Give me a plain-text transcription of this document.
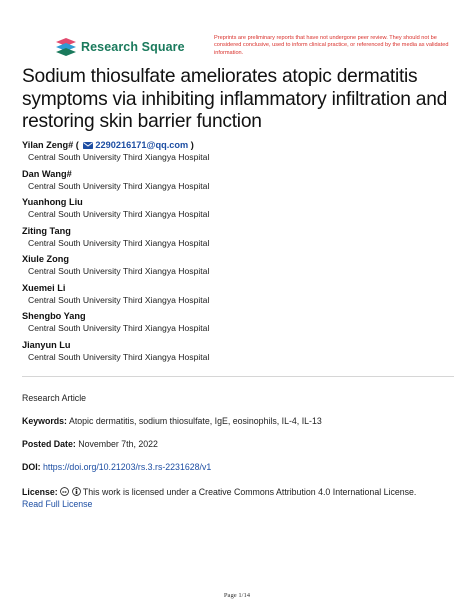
Research Square
Preprints are preliminary reports that have not undergone peer review. They should not be considered conclusive, used to inform clinical practice, or referenced by the media as validated information.
Sodium thiosulfate ameliorates atopic dermatitis symptoms via inhibiting inflammatory infiltration and restoring skin barrier function
Yilan Zeng# ( 2290216171@qq.com )
Central South University Third Xiangya Hospital
Dan Wang#
Central South University Third Xiangya Hospital
Yuanhong Liu
Central South University Third Xiangya Hospital
Ziting Tang
Central South University Third Xiangya Hospital
Xiule Zong
Central South University Third Xiangya Hospital
Xuemei Li
Central South University Third Xiangya Hospital
Shengbo Yang
Central South University Third Xiangya Hospital
Jianyun Lu
Central South University Third Xiangya Hospital
Research Article
Keywords: Atopic dermatitis, sodium thiosulfate, IgE, eosinophils, IL-4, IL-13
Posted Date: November 7th, 2022
DOI: https://doi.org/10.21203/rs.3.rs-2231628/v1
License: cc This work is licensed under a Creative Commons Attribution 4.0 International License.
Read Full License
Page 1/14
